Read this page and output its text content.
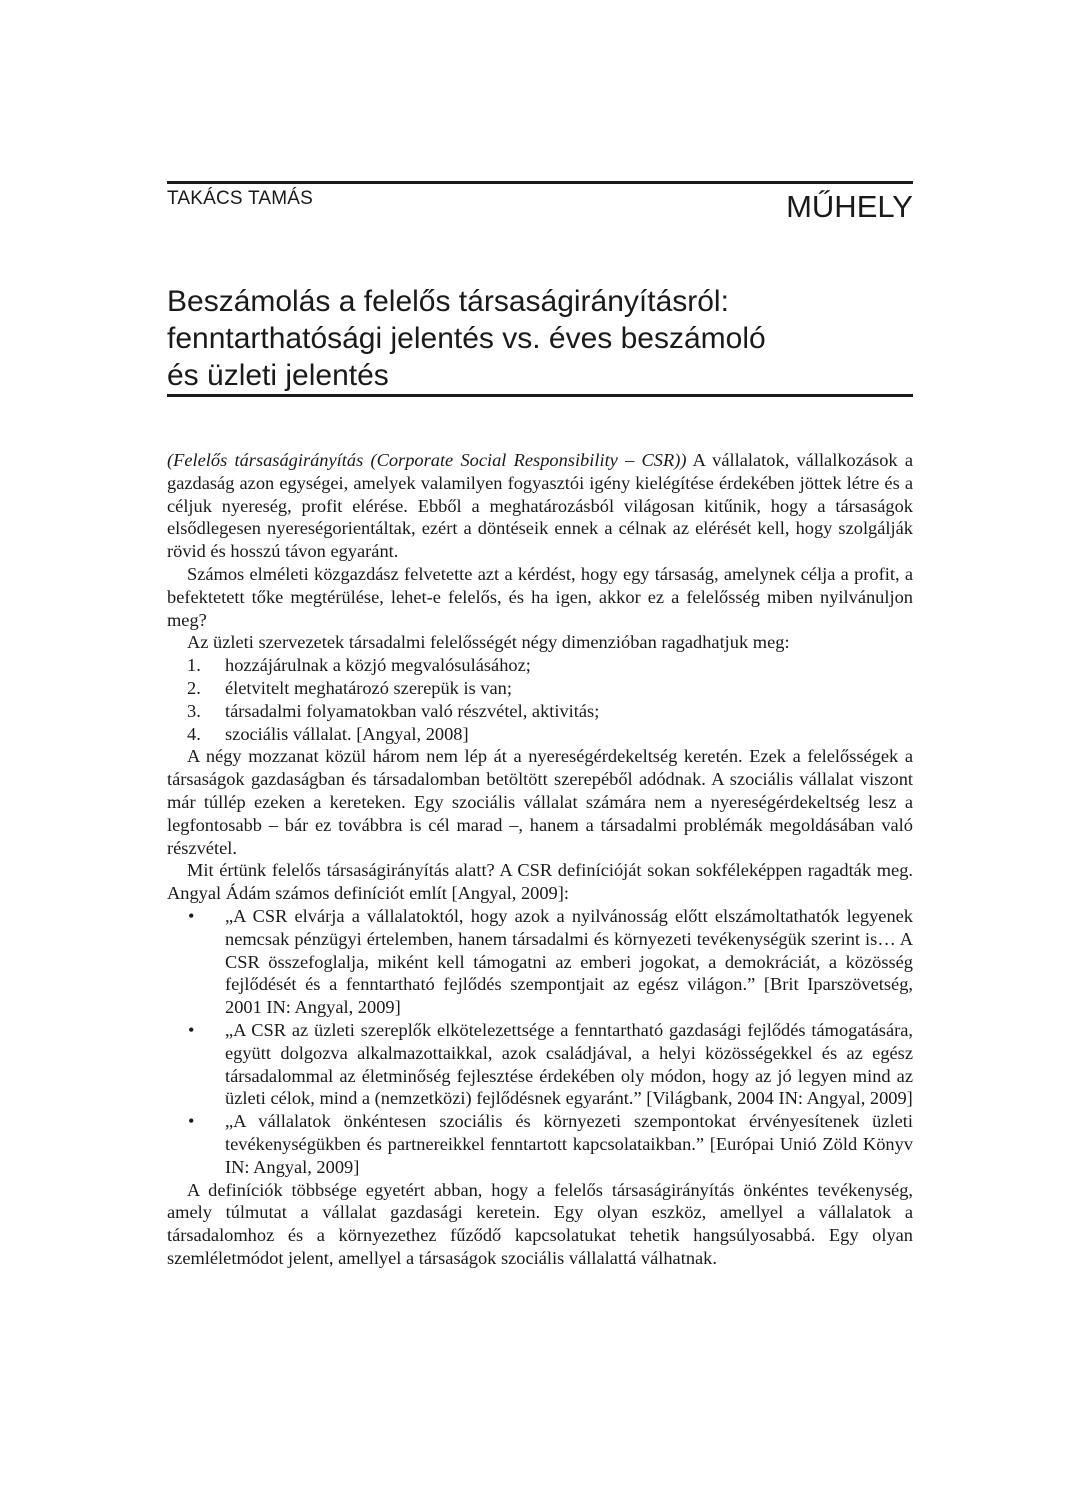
TAKÁCS TAMÁS	MŰHELY
Beszámolás a felelős társaságirányításról:
fenntarthatósági jelentés vs. éves beszámoló
és üzleti jelentés

(Felelős társaságirányítás (Corporate Social Responsibility – CSR)) A vállalatok, vállalkozások a gazdaság azon egységei, amelyek valamilyen fogyasztói igény kielégítése érdekében jöttek létre és a céljuk nyereség, profit elérése. Ebből a meghatározásból világosan kitűnik, hogy a társaságok elsődlegesen nyereségorientáltak, ezért a döntéseik ennek a célnak az elérését kell, hogy szolgálják rövid és hosszú távon egyaránt.

Számos elméleti közgazdász felvetette azt a kérdést, hogy egy társaság, amelynek célja a profit, a befektetett tőke megtérülése, lehet-e felelős, és ha igen, akkor ez a felelősség miben nyilvánuljon meg?

Az üzleti szervezetek társadalmi felelősségét négy dimenzióban ragadhatjuk meg:

1. hozzájárulnak a közjó megvalósulásához;
2. életvitelt meghatározó szerepük is van;
3. társadalmi folyamatokban való részvétel, aktivitás;
4. szociális vállalat. [Angyal, 2008]

A négy mozzanat közül három nem lép át a nyereségérdekeltség keretén. Ezek a felelősségek a társaságok gazdaságban és társadalomban betöltött szerepéből adódnak. A szociális vállalat viszont már túllép ezeken a kereteken. Egy szociális vállalat számára nem a nyereségérdekeltség lesz a legfontosabb – bár ez továbbra is cél marad –, hanem a társadalmi problémák megoldásában való részvétel.

Mit értünk felelős társaságirányítás alatt? A CSR definícióját sokan sokféleképpen ragadták meg. Angyal Ádám számos definíciót említ [Angyal, 2009]:

• „A CSR elvárja a vállalatoktól, hogy azok a nyilvánosság előtt elszámoltathatók legyenek nemcsak pénzügyi értelemben, hanem társadalmi és környezeti tevékenységük szerint is… A CSR összefoglalja, miként kell támogatni az emberi jogokat, a demokráciát, a közösség fejlődését és a fenntartható fejlődés szempontjait az egész világon.” [Brit Iparszövetség, 2001 IN: Angyal, 2009]
• „A CSR az üzleti szereplők elkötelezettsége a fenntartható gazdasági fejlődés támogatására, együtt dolgozva alkalmazottaikkal, azok családjával, a helyi közösségekkel és az egész társadalommal az életminőség fejlesztése érdekében oly módon, hogy az jó legyen mind az üzleti célok, mind a (nemzetközi) fejlődésnek egyaránt.” [Világbank, 2004 IN: Angyal, 2009]
• „A vállalatok önkéntesen szociális és környezeti szempontokat érvényesítenek üzleti tevékenységükben és partnereikkel fenntartott kapcsolataikban.” [Európai Unió Zöld Könyv IN: Angyal, 2009]

A definíciók többsége egyetért abban, hogy a felelős társaságirányítás önkéntes tevékenység, amely túlmutat a vállalat gazdasági keretein. Egy olyan eszköz, amellyel a vállalatok a társadalomhoz és a környezethez fűződő kapcsolatukat tehetik hangsúlyosabbá. Egy olyan szemléletmódot jelent, amellyel a társaságok szociális vállalattá válhatnak.
